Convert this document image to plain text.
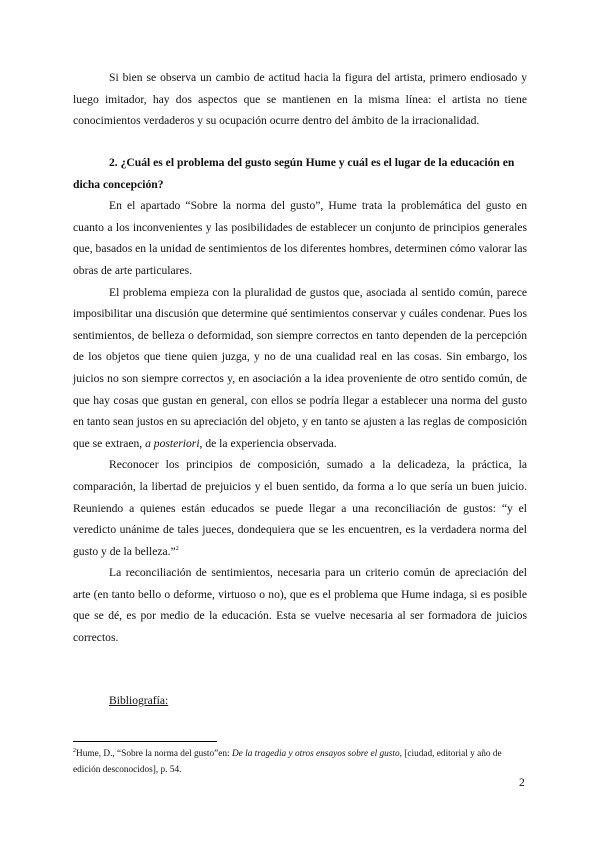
Si bien se observa un cambio de actitud hacia la figura del artista, primero endiosado y luego imitador, hay dos aspectos que se mantienen en la misma línea: el artista no tiene conocimientos verdaderos y su ocupación ocurre dentro del ámbito de la irracionalidad.

2. ¿Cuál es el problema del gusto según Hume y cuál es el lugar de la educación en dicha concepción?

En el apartado “Sobre la norma del gusto”, Hume trata la problemática del gusto en cuanto a los inconvenientes y las posibilidades de establecer un conjunto de principios generales que, basados en la unidad de sentimientos de los diferentes hombres, determinen cómo valorar las obras de arte particulares.

El problema empieza con la pluralidad de gustos que, asociada al sentido común, parece imposibilitar una discusión que determine qué sentimientos conservar y cuáles condenar. Pues los sentimientos, de belleza o deformidad, son siempre correctos en tanto dependen de la percepción de los objetos que tiene quien juzga, y no de una cualidad real en las cosas. Sin embargo, los juicios no son siempre correctos y, en asociación a la idea proveniente de otro sentido común, de que hay cosas que gustan en general, con ellos se podría llegar a establecer una norma del gusto en tanto sean justos en su apreciación del objeto, y en tanto se ajusten a las reglas de composición que se extraen, a posteriori, de la experiencia observada.

Reconocer los principios de composición, sumado a la delicadeza, la práctica, la comparación, la libertad de prejuicios y el buen sentido, da forma a lo que sería un buen juicio. Reuniendo a quienes están educados se puede llegar a una reconciliación de gustos: “y el veredicto unánime de tales jueces, dondequiera que se les encuentren, es la verdadera norma del gusto y de la belleza.”$^2$

La reconciliación de sentimientos, necesaria para un criterio común de apreciación del arte (en tanto bello o deforme, virtuoso o no), que es el problema que Hume indaga, si es posible que se dé, es por medio de la educación. Esta se vuelve necesaria al ser formadora de juicios correctos.

Bibliografía:
$^2$Hume, D., “Sobre la norma del gusto”en: De la tragedia y otros ensayos sobre el gusto, [ciudad, editorial y año de edición desconocidos], p. 54.
2
